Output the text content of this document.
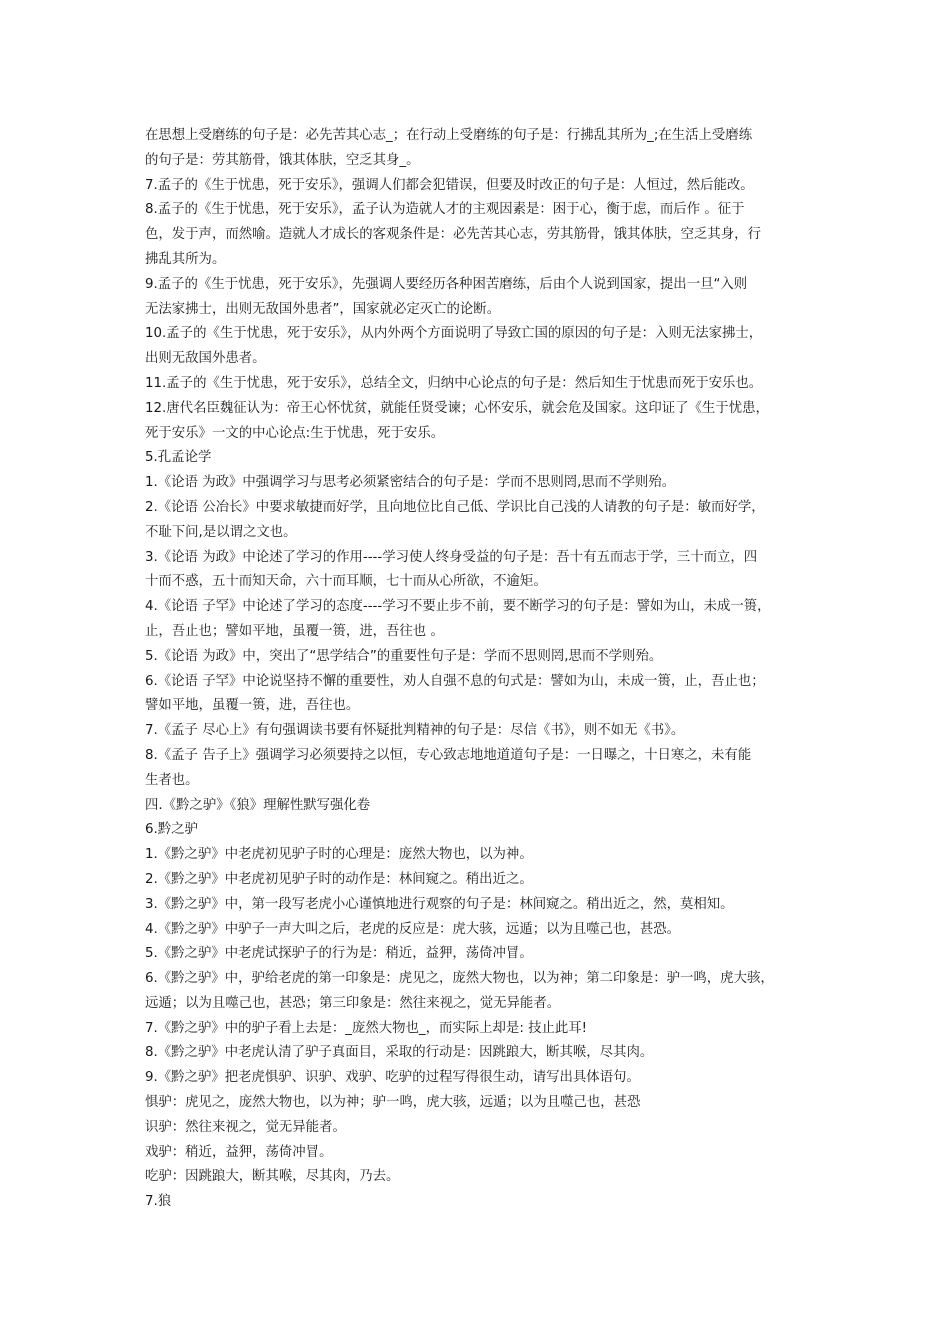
在思想上受磨练的句子是：必先苦其心志_；在行动上受磨练的句子是：行拂乱其所为_;在生活上受磨练
的句子是：劳其筋骨，饿其体肤，空乏其身_。
7.孟子的《生于忧患，死于安乐》，强调人们都会犯错误，但要及时改正的句子是：人恒过，然后能改。
8.孟子的《生于忧患，死于安乐》，孟子认为造就人才的主观因素是：困于心，衡于虑，而后作 。征于
色，发于声，而然喻。造就人才成长的客观条件是：必先苦其心志，劳其筋骨，饿其体肤，空乏其身，行
拂乱其所为。
9.孟子的《生于忧患，死于安乐》，先强调人要经历各种困苦磨练，后由个人说到国家，提出一旦“入则
无法家拂士，出则无敌国外患者”，国家就必定灭亡的论断。
10.孟子的《生于忧患，死于安乐》，从内外两个方面说明了导致亡国的原因的句子是：入则无法家拂士，
出则无敌国外患者。
11.孟子的《生于忧患，死于安乐》，总结全文，归纳中心论点的句子是：然后知生于忧患而死于安乐也。
12.唐代名臣魏征认为：帝王心怀忧贫，就能任贤受谏；心怀安乐，就会危及国家。这印证了《生于忧患，
死于安乐》一文的中心论点:生于忧患，死于安乐。
5.孔孟论学
1.《论语 为政》中强调学习与思考必须紧密结合的句子是：学而不思则罔,思而不学则殆。
2.《论语 公冶长》中要求敏捷而好学，且向地位比自己低、学识比自己浅的人请教的句子是：敏而好学，
不耻下问,是以谓之文也。
3.《论语 为政》中论述了学习的作用----学习使人终身受益的句子是：吾十有五而志于学，三十而立，四
十而不惑，五十而知天命，六十而耳顺，七十而从心所欲，不逾矩。
4.《论语 子罕》中论述了学习的态度----学习不要止步不前，要不断学习的句子是：譬如为山，未成一篑，
止，吾止也；譬如平地，虽覆一篑，进，吾往也 。
5.《论语 为政》中，突出了“思学结合”的重要性句子是：学而不思则罔,思而不学则殆。
6.《论语 子罕》中论说坚持不懈的重要性，劝人自强不息的句式是：譬如为山，未成一篑，止，吾止也；
譬如平地，虽覆一篑，进，吾往也。
7.《孟子 尽心上》有句强调读书要有怀疑批判精神的句子是：尽信《书》，则不如无《书》。
8.《孟子 告子上》强调学习必须要持之以恒，专心致志地地道道句子是：一日曝之，十日寒之，未有能
生者也。
四.《黔之驴》《狼》理解性默写强化卷
6.黔之驴
1.《黔之驴》中老虎初见驴子时的心理是：庞然大物也，以为神。
2.《黔之驴》中老虎初见驴子时的动作是：林间窥之。稍出近之。
3.《黔之驴》中，第一段写老虎小心谨慎地进行观察的句子是：林间窥之。稍出近之，然，莫相知。
4.《黔之驴》中驴子一声大叫之后，老虎的反应是：虎大骇，远遁；以为且噬己也，甚恐。
5.《黔之驴》中老虎试探驴子的行为是：稍近，益狎，荡倚冲冒。
6.《黔之驴》中，驴给老虎的第一印象是：虎见之，庞然大物也，以为神；第二印象是：驴一鸣，虎大骇，
远遁；以为且噬己也，甚恐；第三印象是：然往来视之，觉无异能者。
7.《黔之驴》中的驴子看上去是：_庞然大物也_，而实际上却是: 技止此耳!
8.《黔之驴》中老虎认清了驴子真面目，采取的行动是：因跳踉大，断其喉，尽其肉。
9.《黔之驴》把老虎惧驴、识驴、戏驴、吃驴的过程写得很生动，请写出具体语句。
惧驴：虎见之，庞然大物也，以为神；驴一鸣，虎大骇，远遁；以为且噬己也，甚恐
识驴：然往来视之，觉无异能者。
戏驴：稍近，益狎，荡倚冲冒。
吃驴：因跳踉大，断其喉，尽其肉，乃去。
7.狼
